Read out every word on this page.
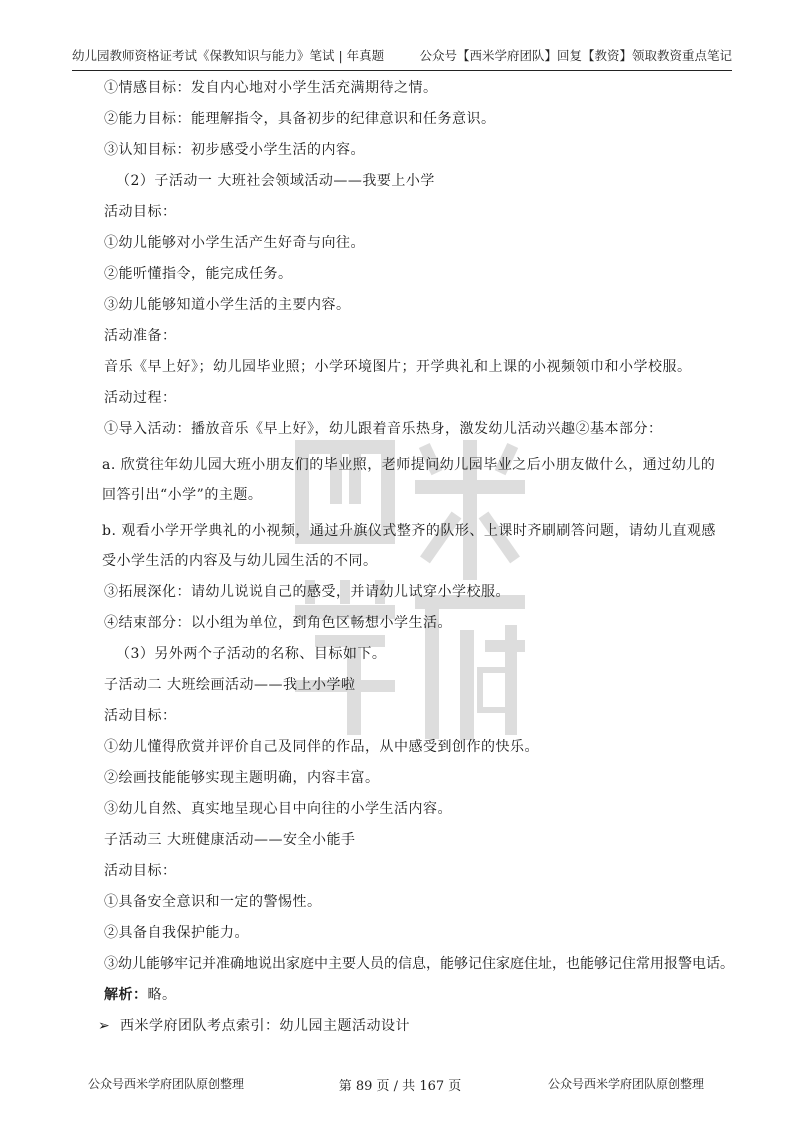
幼儿园教师资格证考试《保教知识与能力》笔试 | 年真题	公众号【西米学府团队】回复【教资】领取教资重点笔记
①情感目标：发自内心地对小学生活充满期待之情。
②能力目标：能理解指令，具备初步的纪律意识和任务意识。
③认知目标：初步感受小学生活的内容。
（2）子活动一 大班社会领域活动——我要上小学
活动目标：
①幼儿能够对小学生活产生好奇与向往。
②能听懂指令，能完成任务。
③幼儿能够知道小学生活的主要内容。
活动准备：
音乐《早上好》；幼儿园毕业照；小学环境图片；开学典礼和上课的小视频领巾和小学校服。
活动过程：
①导入活动：播放音乐《早上好》，幼儿跟着音乐热身，激发幼儿活动兴趣②基本部分：
a. 欣赏往年幼儿园大班小朋友们的毕业照，老师提问幼儿园毕业之后小朋友做什么，通过幼儿的回答引出“小学”的主题。
b. 观看小学开学典礼的小视频，通过升旗仪式整齐的队形、上课时齐刷刷答问题，请幼儿直观感受小学生活的内容及与幼儿园生活的不同。
③拓展深化：请幼儿说说自己的感受，并请幼儿试穿小学校服。
④结束部分：以小组为单位，到角色区畅想小学生活。
（3）另外两个子活动的名称、目标如下。
子活动二 大班绘画活动——我上小学啦
活动目标：
①幼儿懂得欣赏并评价自己及同伴的作品，从中感受到创作的快乐。
②绘画技能能够实现主题明确，内容丰富。
③幼儿自然、真实地呈现心目中向往的小学生活内容。
子活动三 大班健康活动——安全小能手
活动目标：
①具备安全意识和一定的警惕性。
②具备自我保护能力。
③幼儿能够牢记并准确地说出家庭中主要人员的信息，能够记住家庭住址，也能够记住常用报警电话。
解析：略。
➢ 西米学府团队考点索引：幼儿园主题活动设计
公众号西米学府团队原创整理	第 89 页 / 共 167 页	公众号西米学府团队原创整理
